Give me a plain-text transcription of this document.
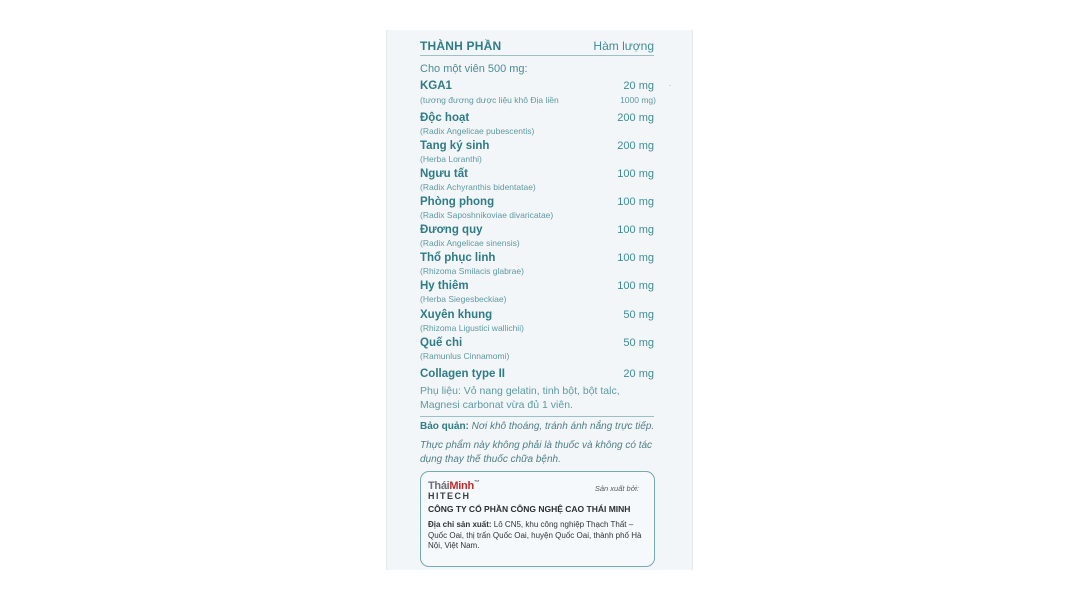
THÀNH PHẦN	Hàm lượng
Cho một viên 500 mg:
˙
KGA1	20 mg
(tương đương dược liệu khô Địa liền	1000 mg)
Độc hoạt	200 mg
(Radix Angelicae pubescentis)
Tang ký sinh	200 mg
(Herba Loranthi)
Ngưu tất	100 mg
(Radix Achyranthis bidentatae)
Phòng phong	100 mg
(Radix Saposhnikoviae divaricatae)
Đương quy	100 mg
(Radix Angelicae sinensis)
Thổ phục linh	100 mg
(Rhizoma Smilacis glabrae)
Hy thiêm	100 mg
(Herba Siegesbeckiae)
Xuyên khung	50 mg
(Rhizoma Ligustici wallichii)
Quế chi	50 mg
(Ramunlus Cinnamomi)
Collagen type II	20 mg
Phụ liệu: Vỏ nang gelatin, tinh bột, bột talc, Magnesi carbonat vừa đủ 1 viên.
Bảo quản: Nơi khô thoáng, tránh ánh nắng trực tiếp.
Thực phẩm này không phải là thuốc và không có tác dụng thay thế thuốc chữa bệnh.
TháiMinh™
HITECH
Sản xuất bởi:
CÔNG TY CỔ PHẦN CÔNG NGHỆ CAO THÁI MINH
Địa chỉ sản xuất: Lô CN5, khu công nghiệp Thạch Thất – Quốc Oai, thị trấn Quốc Oai, huyện Quốc Oai, thành phố Hà Nội, Việt Nam.
